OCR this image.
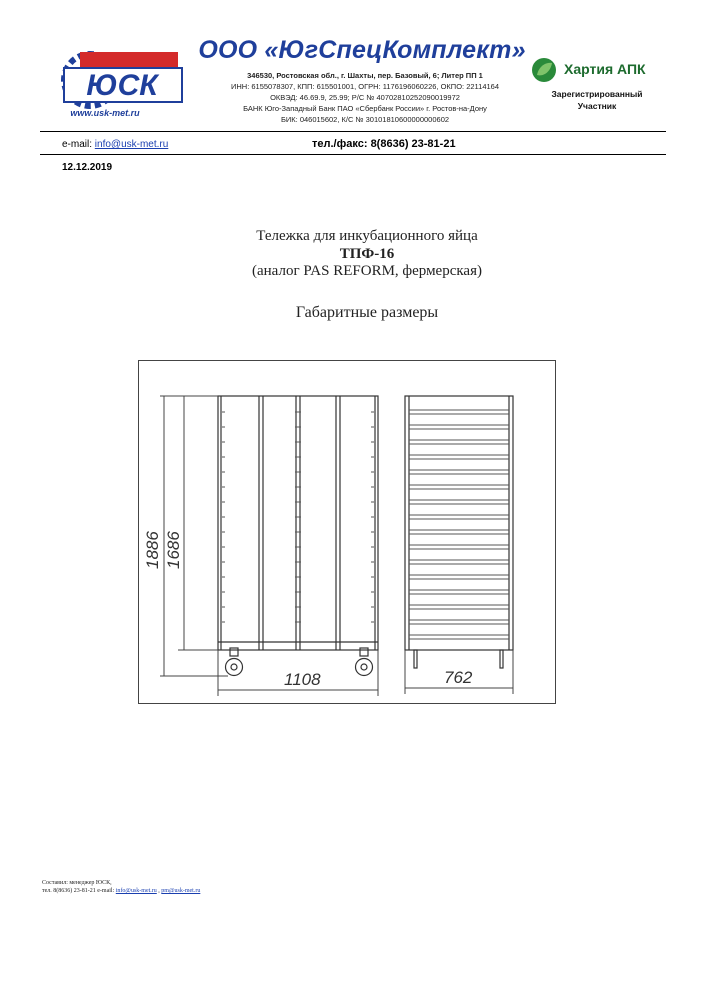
ЮСК
www.usk-met.ru
ООО «ЮгСпецКомплект»
346530, Ростовская обл., г. Шахты, пер. Базовый, 6; Литер ПП 1
ИНН: 6155078307, КПП: 615501001, ОГРН: 1176196060226, ОКПО: 22114164
ОКВЭД: 46.69.9, 25.99; Р/С № 40702810252090019972
БАНК Юго-Западный Банк ПАО «Сбербанк России» г. Ростов-на-Дону
БИК: 046015602, К/С № 30101810600000000602
Хартия АПК
Зарегистрированный
Участник
e-mail: info@usk-met.ru	тел./факс: 8(8636) 23-81-21
12.12.2019
Тележка для инкубационного яйца
ТПФ-16
(аналог PAS REFORM, фермерская)
Габаритные размеры
1886 1686
1108	762
Составил: менеджер ЮСК,
тел. 8(8636) 23-81-21 e-mail: info@usk-met.ru , pm@usk-met.ru
